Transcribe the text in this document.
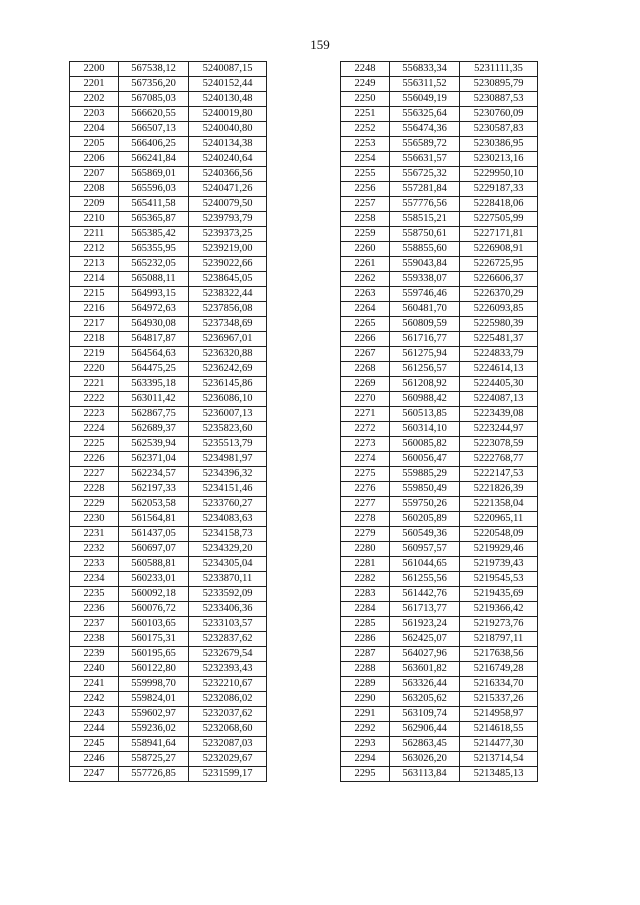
159
2200	567538,12	5240087,15
2201	567356,20	5240152,44
2202	567085,03	5240130,48
2203	566620,55	5240019,80
2204	566507,13	5240040,80
2205	566406,25	5240134,38
2206	566241,84	5240240,64
2207	565869,01	5240366,56
2208	565596,03	5240471,26
2209	565411,58	5240079,50
2210	565365,87	5239793,79
2211	565385,42	5239373,25
2212	565355,95	5239219,00
2213	565232,05	5239022,66
2214	565088,11	5238645,05
2215	564993,15	5238322,44
2216	564972,63	5237856,08
2217	564930,08	5237348,69
2218	564817,87	5236967,01
2219	564564,63	5236320,88
2220	564475,25	5236242,69
2221	563395,18	5236145,86
2222	563011,42	5236086,10
2223	562867,75	5236007,13
2224	562689,37	5235823,60
2225	562539,94	5235513,79
2226	562371,04	5234981,97
2227	562234,57	5234396,32
2228	562197,33	5234151,46
2229	562053,58	5233760,27
2230	561564,81	5234083,63
2231	561437,05	5234158,73
2232	560697,07	5234329,20
2233	560588,81	5234305,04
2234	560233,01	5233870,11
2235	560092,18	5233592,09
2236	560076,72	5233406,36
2237	560103,65	5233103,57
2238	560175,31	5232837,62
2239	560195,65	5232679,54
2240	560122,80	5232393,43
2241	559998,70	5232210,67
2242	559824,01	5232086,02
2243	559602,97	5232037,62
2244	559236,02	5232068,60
2245	558941,64	5232087,03
2246	558725,27	5232029,67
2247	557726,85	5231599,17
2248	556833,34	5231111,35
2249	556311,52	5230895,79
2250	556049,19	5230887,53
2251	556325,64	5230760,09
2252	556474,36	5230587,83
2253	556589,72	5230386,95
2254	556631,57	5230213,16
2255	556725,32	5229950,10
2256	557281,84	5229187,33
2257	557776,56	5228418,06
2258	558515,21	5227505,99
2259	558750,61	5227171,81
2260	558855,60	5226908,91
2261	559043,84	5226725,95
2262	559338,07	5226606,37
2263	559746,46	5226370,29
2264	560481,70	5226093,85
2265	560809,59	5225980,39
2266	561716,77	5225481,37
2267	561275,94	5224833,79
2268	561256,57	5224614,13
2269	561208,92	5224405,30
2270	560988,42	5224087,13
2271	560513,85	5223439,08
2272	560314,10	5223244,97
2273	560085,82	5223078,59
2274	560056,47	5222768,77
2275	559885,29	5222147,53
2276	559850,49	5221826,39
2277	559750,26	5221358,04
2278	560205,89	5220965,11
2279	560549,36	5220548,09
2280	560957,57	5219929,46
2281	561044,65	5219739,43
2282	561255,56	5219545,53
2283	561442,76	5219435,69
2284	561713,77	5219366,42
2285	561923,24	5219273,76
2286	562425,07	5218797,11
2287	564027,96	5217638,56
2288	563601,82	5216749,28
2289	563326,44	5216334,70
2290	563205,62	5215337,26
2291	563109,74	5214958,97
2292	562906,44	5214618,55
2293	562863,45	5214477,30
2294	563026,20	5213714,54
2295	563113,84	5213485,13
